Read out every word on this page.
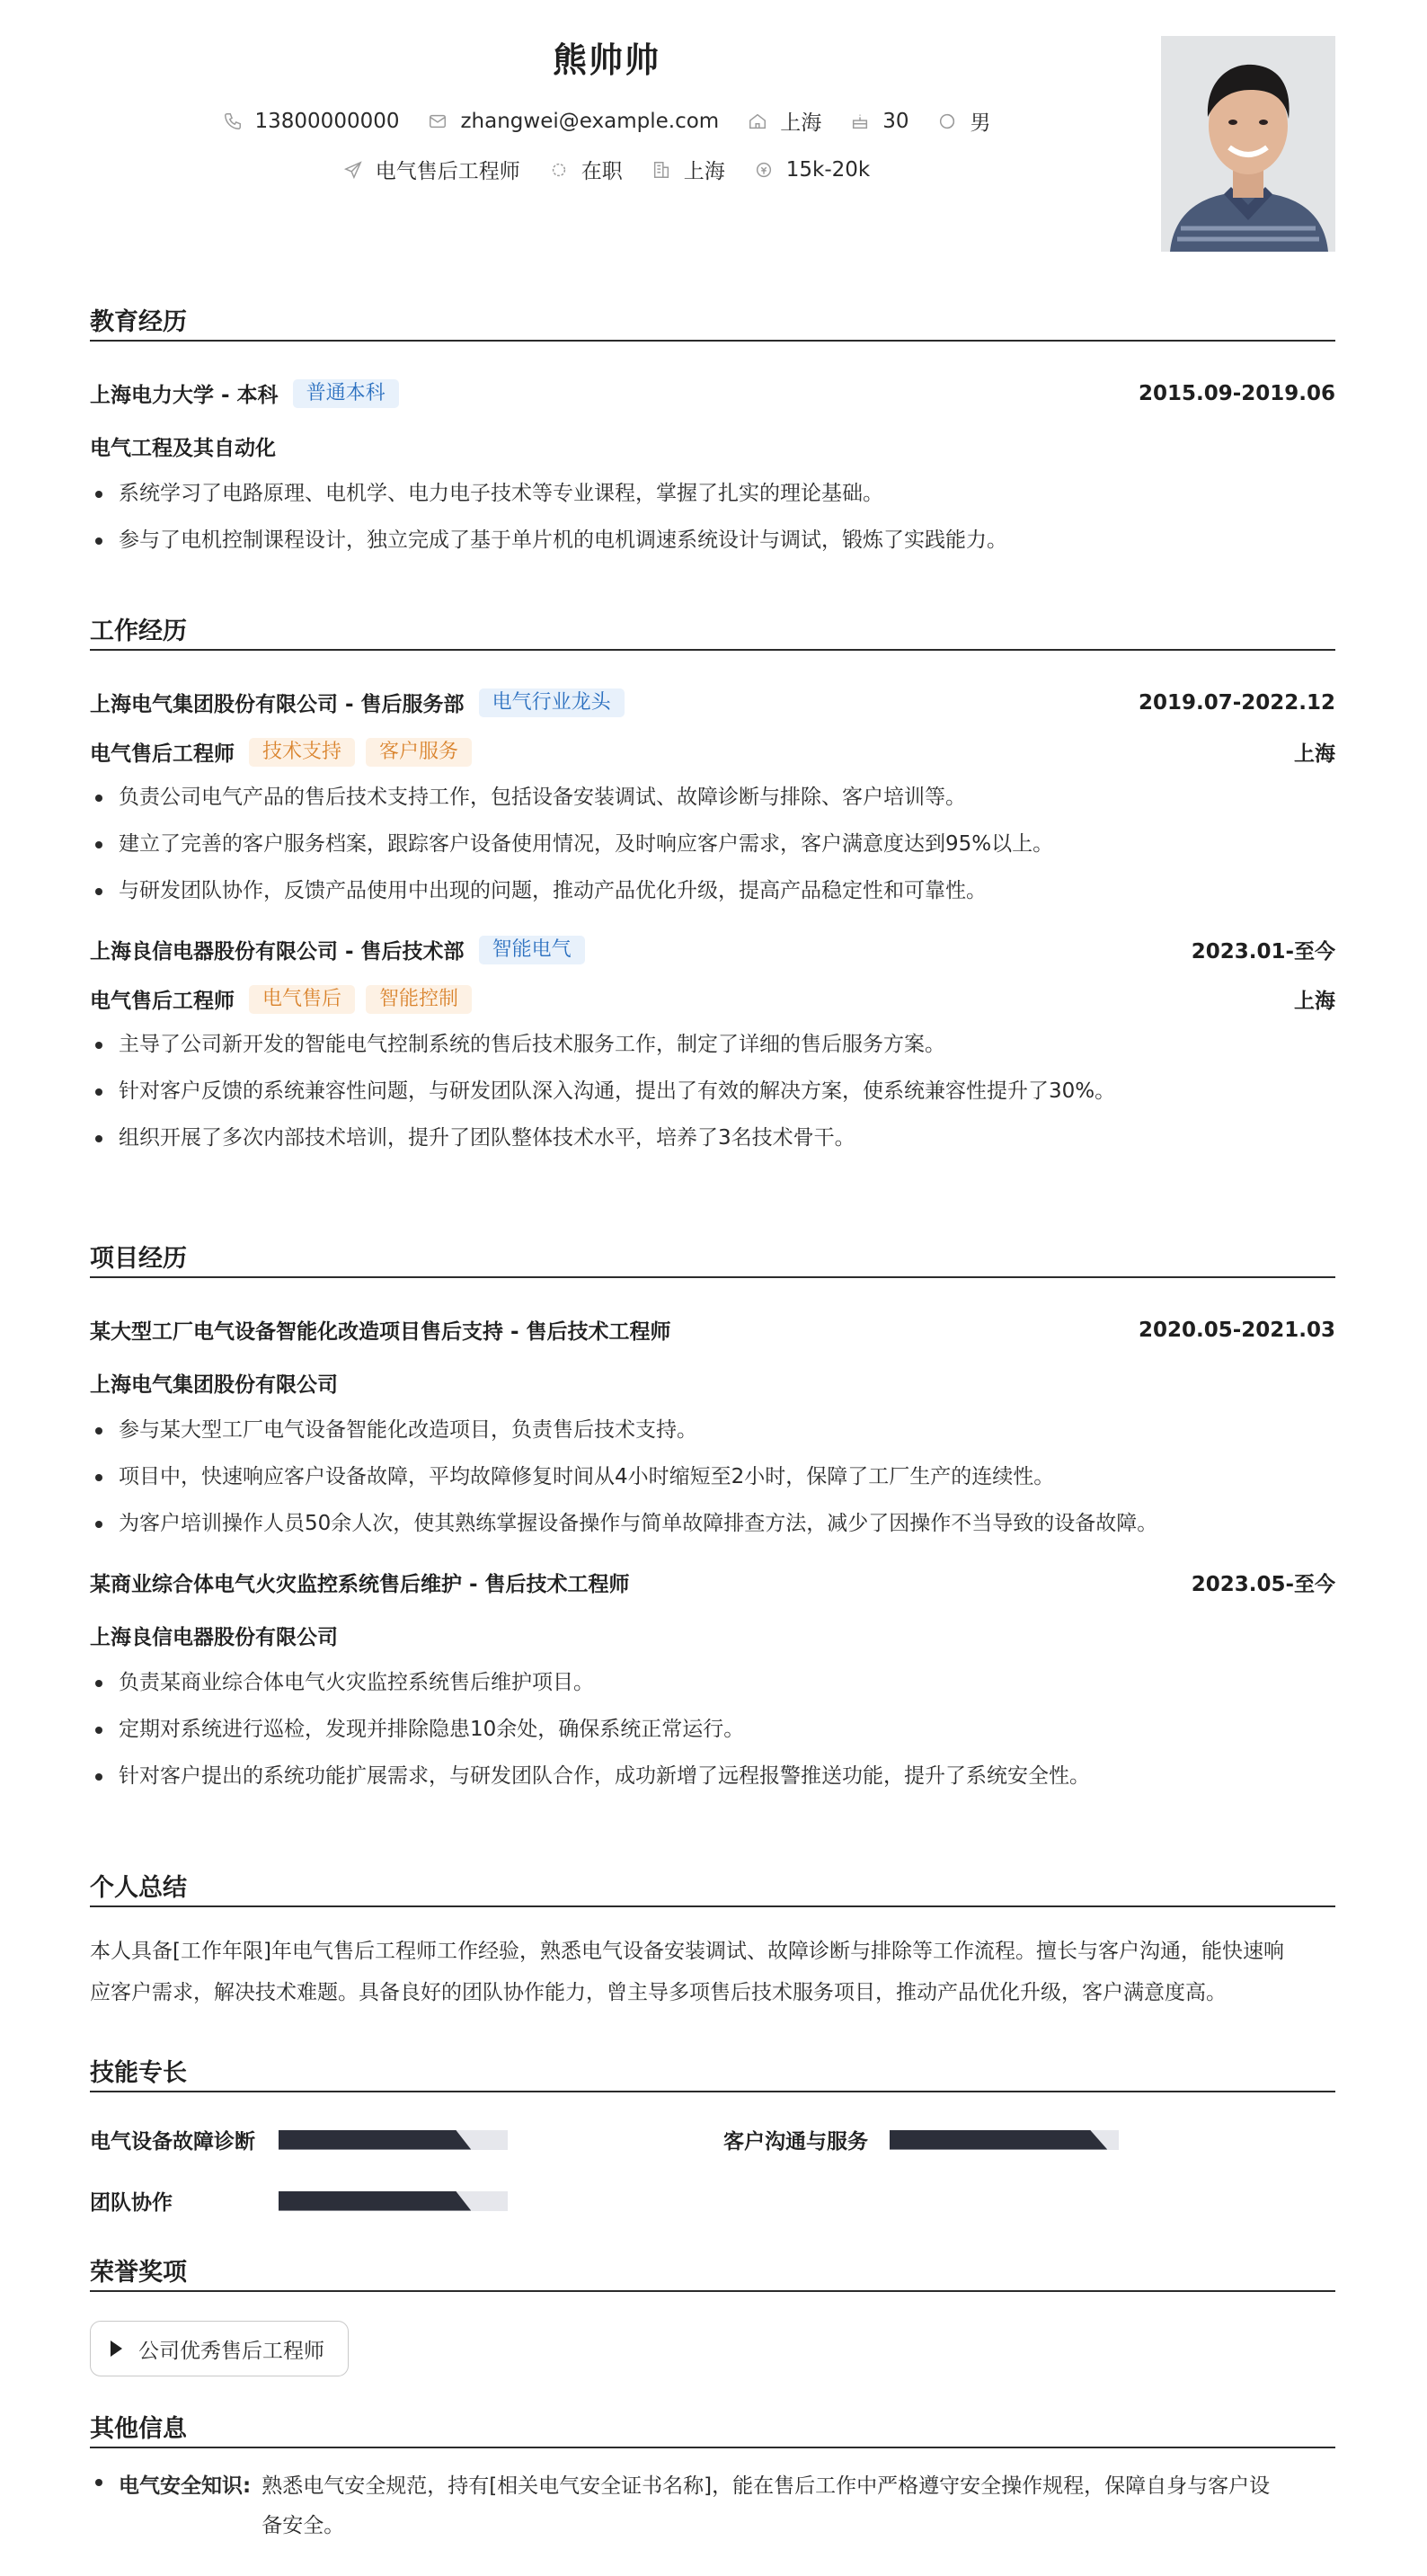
熊帅帅
13800000000	zhangwei@example.com	上海	30	男
电气售后工程师	在职	上海	15k-20k
教育经历
上海电力大学 - 本科	普通本科	2015.09-2019.06
电气工程及其自动化
系统学习了电路原理、电机学、电力电子技术等专业课程，掌握了扎实的理论基础。
参与了电机控制课程设计，独立完成了基于单片机的电机调速系统设计与调试，锻炼了实践能力。
工作经历
上海电气集团股份有限公司 - 售后服务部	电气行业龙头	2019.07-2022.12
电气售后工程师	技术支持	客户服务	上海
负责公司电气产品的售后技术支持工作，包括设备安装调试、故障诊断与排除、客户培训等。
建立了完善的客户服务档案，跟踪客户设备使用情况，及时响应客户需求，客户满意度达到95%以上。
与研发团队协作，反馈产品使用中出现的问题，推动产品优化升级，提高产品稳定性和可靠性。
上海良信电器股份有限公司 - 售后技术部	智能电气	2023.01-至今
电气售后工程师	电气售后	智能控制	上海
主导了公司新开发的智能电气控制系统的售后技术服务工作，制定了详细的售后服务方案。
针对客户反馈的系统兼容性问题，与研发团队深入沟通，提出了有效的解决方案，使系统兼容性提升了30%。
组织开展了多次内部技术培训，提升了团队整体技术水平，培养了3名技术骨干。
项目经历
某大型工厂电气设备智能化改造项目售后支持 - 售后技术工程师	2020.05-2021.03
上海电气集团股份有限公司
参与某大型工厂电气设备智能化改造项目，负责售后技术支持。
项目中，快速响应客户设备故障，平均故障修复时间从4小时缩短至2小时，保障了工厂生产的连续性。
为客户培训操作人员50余人次，使其熟练掌握设备操作与简单故障排查方法，减少了因操作不当导致的设备故障。
某商业综合体电气火灾监控系统售后维护 - 售后技术工程师	2023.05-至今
上海良信电器股份有限公司
负责某商业综合体电气火灾监控系统售后维护项目。
定期对系统进行巡检，发现并排除隐患10余处，确保系统正常运行。
针对客户提出的系统功能扩展需求，与研发团队合作，成功新增了远程报警推送功能，提升了系统安全性。
个人总结
本人具备[工作年限]年电气售后工程师工作经验，熟悉电气设备安装调试、故障诊断与排除等工作流程。擅长与客户沟通，能快速响
应客户需求，解决技术难题。具备良好的团队协作能力，曾主导多项售后技术服务项目，推动产品优化升级，客户满意度高。
技能专长
电气设备故障诊断	客户沟通与服务
团队协作
荣誉奖项
公司优秀售后工程师
其他信息
电气安全知识: 熟悉电气安全规范，持有[相关电气安全证书名称]，能在售后工作中严格遵守安全操作规程，保障自身与客户设
备安全。
